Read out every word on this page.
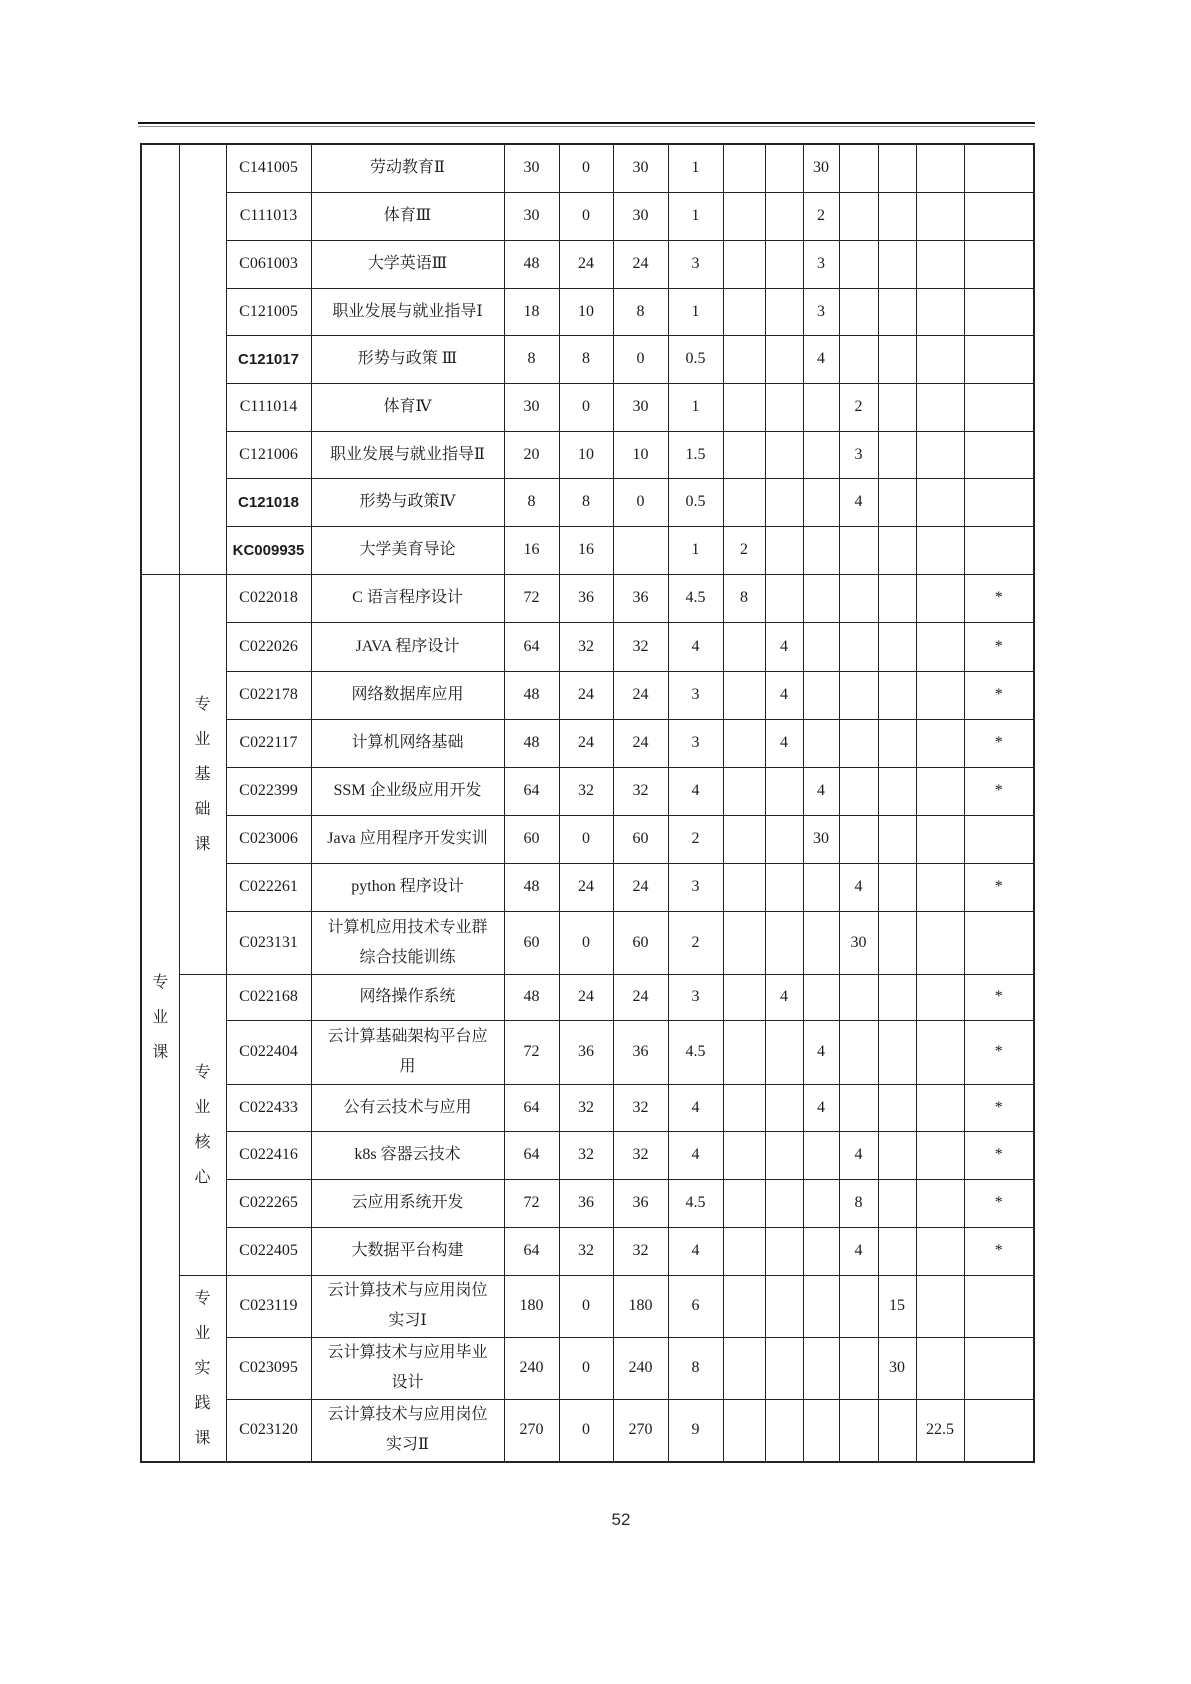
	C141005	劳动教育Ⅱ	30	0	30	1			30				
		C111013	体育Ⅲ	30	0	30	1			2				
		C061003	大学英语Ⅲ	48	24	24	3			3				
		C121005	职业发展与就业指导Ⅰ	18	10	8	1			3				
		C121017	形势与政策 Ⅲ	8	8	0	0.5			4				
		C111014	体育Ⅳ	30	0	30	1				2			
		C121006	职业发展与就业指导Ⅱ	20	10	10	1.5				3			
		C121018	形势与政策Ⅳ	8	8	0	0.5				4			
		KC009935	大学美育导论	16	16		1	2						

专业课	专业基础课	C022018	C 语言程序设计	72	36	36	4.5	8						*
		C022026	JAVA 程序设计	64	32	32	4		4					*
		C022178	网络数据库应用	48	24	24	3		4					*
		C022117	计算机网络基础	48	24	24	3		4					*
		C022399	SSM 企业级应用开发	64	32	32	4			4				*
		C023006	Java 应用程序开发实训	60	0	60	2			30				
		C022261	python 程序设计	48	24	24	3				4			*
		C023131	计算机应用技术专业群
综合技能训练	60	0	60	2				30			

	专业核心	C022168	网络操作系统	48	24	24	3		4					*
		C022404	云计算基础架构平台应
用	72	36	36	4.5			4				*
		C022433	公有云技术与应用	64	32	32	4			4				*
		C022416	k8s 容器云技术	64	32	32	4				4			*
		C022265	云应用系统开发	72	36	36	4.5				8			*
		C022405	大数据平台构建	64	32	32	4				4			*

	专业实践课	C023119	云计算技术与应用岗位
实习Ⅰ	180	0	180	6					15		
		C023095	云计算技术与应用毕业
设计	240	0	240	8					30		
		C023120	云计算技术与应用岗位
实习Ⅱ	270	0	270	9						22.5	
52
